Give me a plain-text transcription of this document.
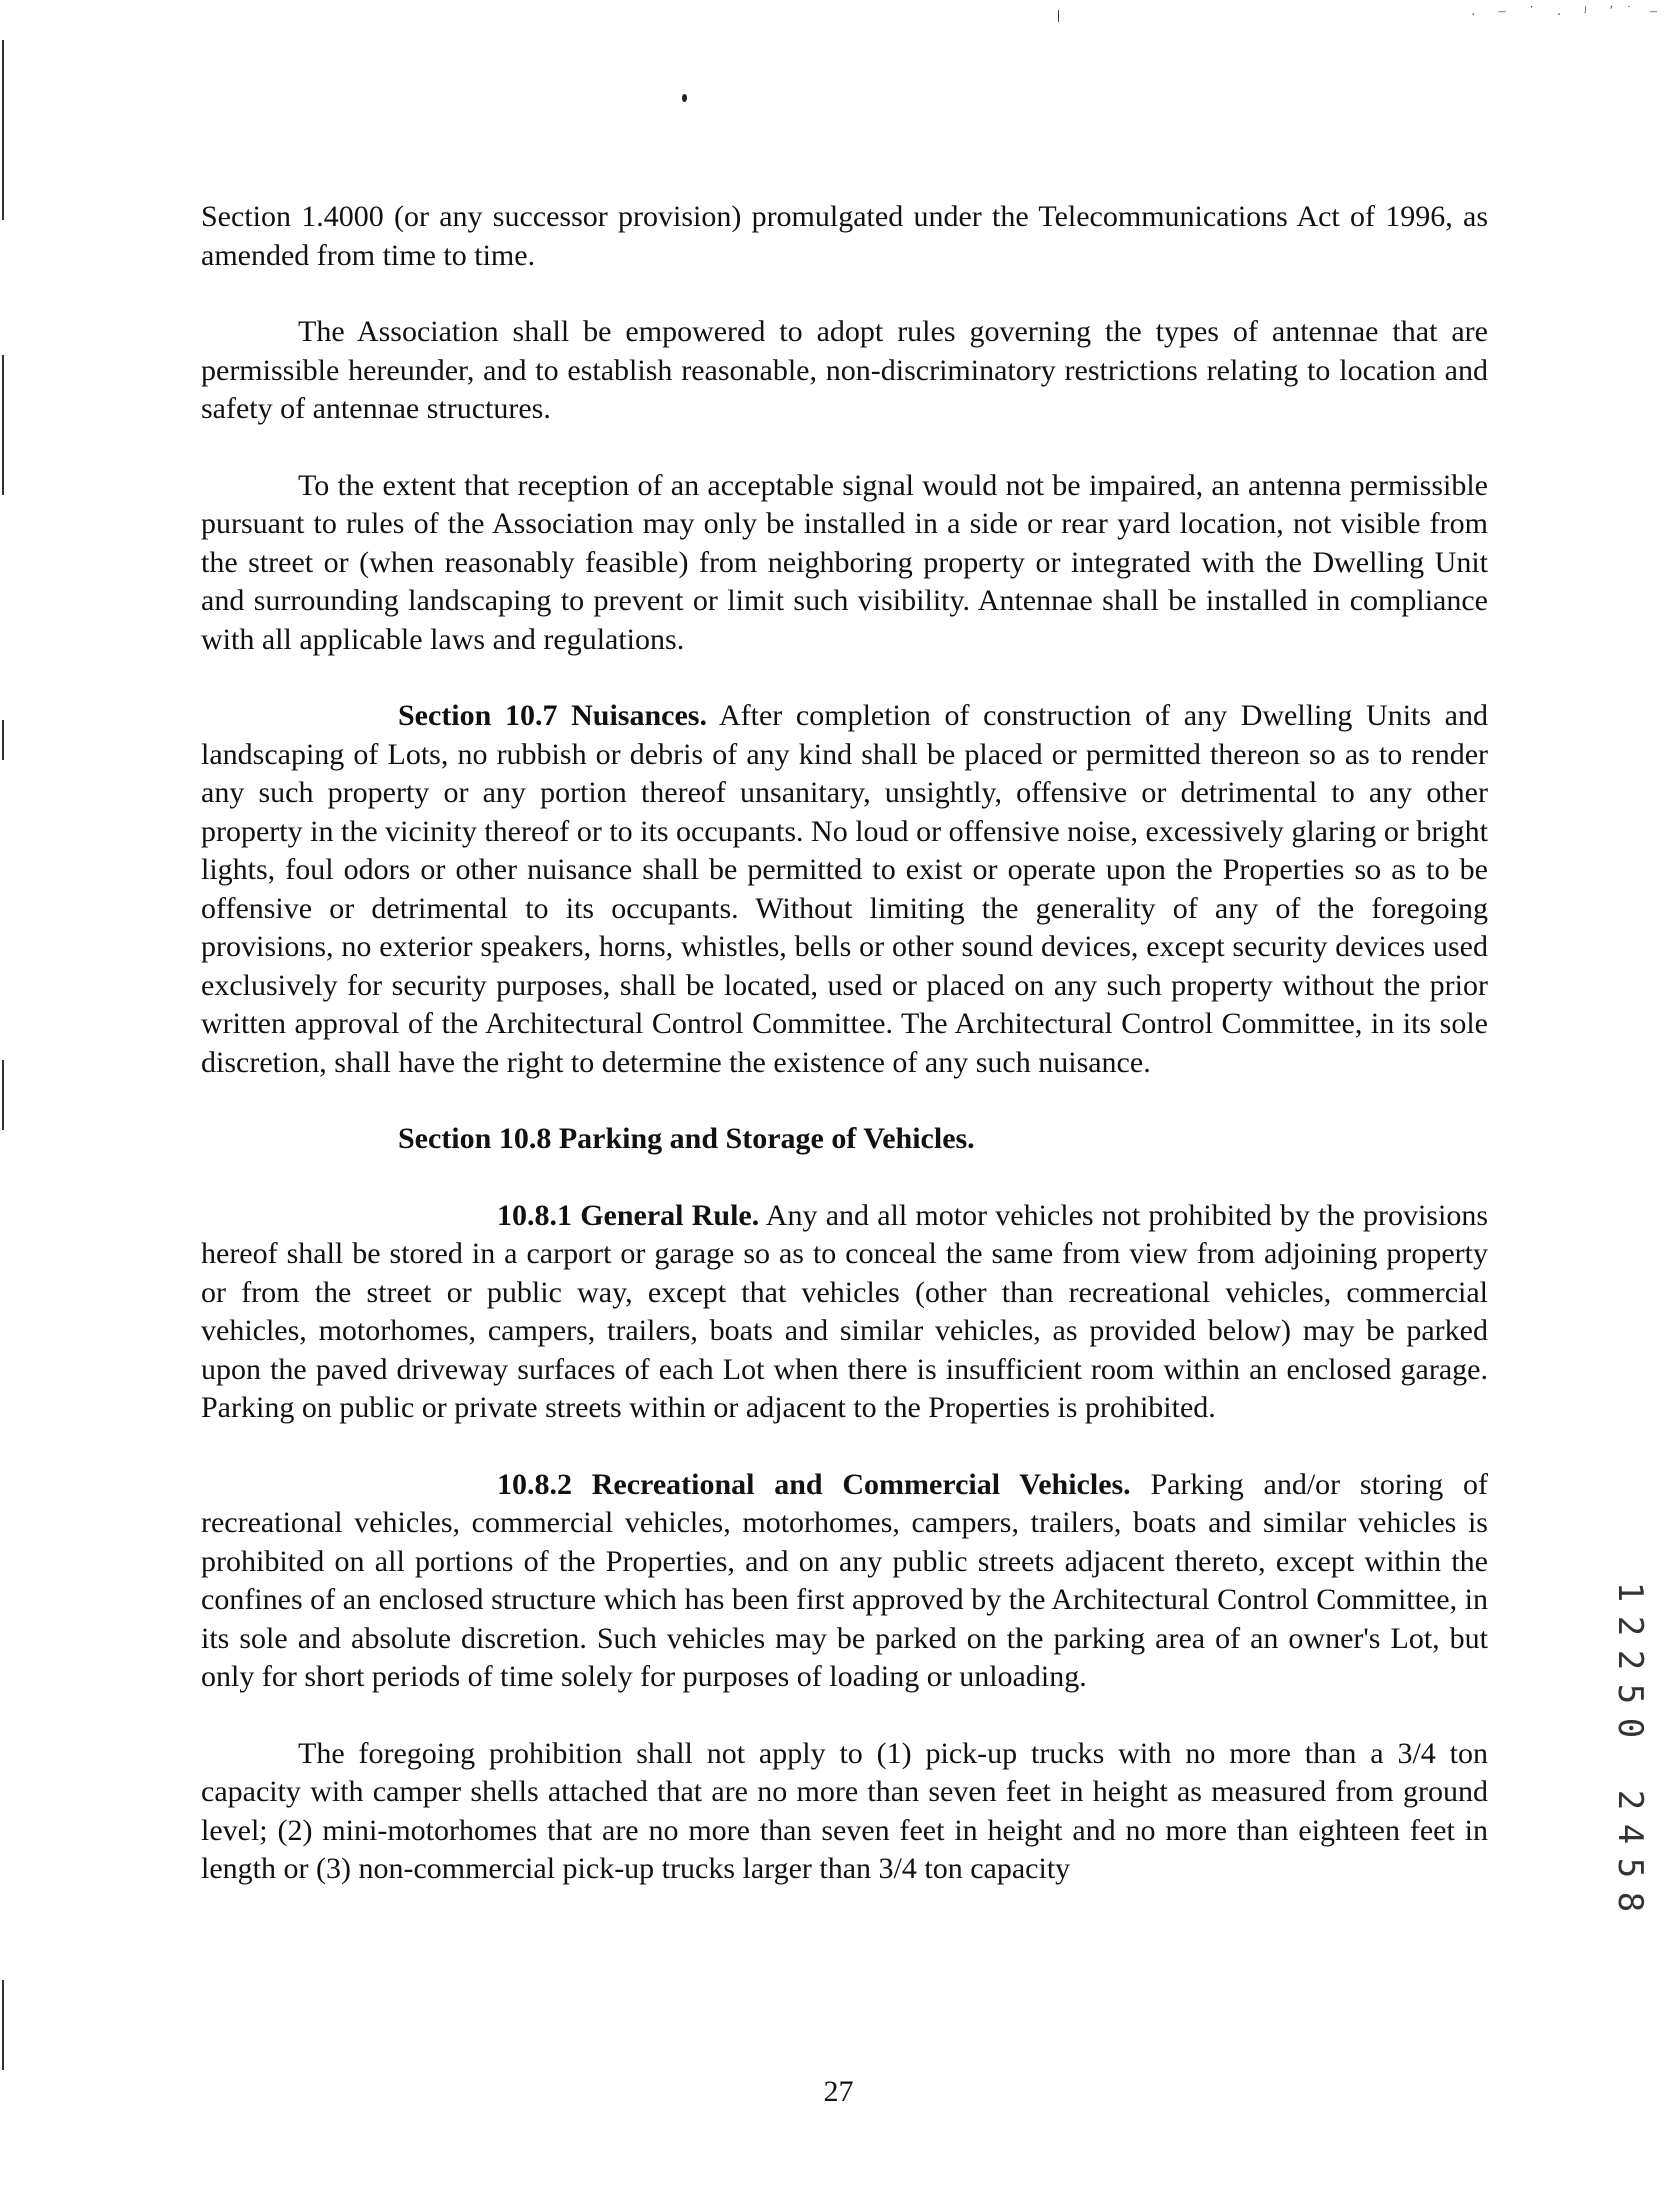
. ‒ ˙ . ʲ ʹ ͘ ‒

Section 1.4000 (or any successor provision) promulgated under the Telecommunications Act of 1996, as amended from time to time.

The Association shall be empowered to adopt rules governing the types of antennae that are permissible hereunder, and to establish reasonable, non-discriminatory restrictions relating to location and safety of antennae structures.

To the extent that reception of an acceptable signal would not be impaired, an antenna permissible pursuant to rules of the Association may only be installed in a side or rear yard location, not visible from the street or (when reasonably feasible) from neighboring property or integrated with the Dwelling Unit and surrounding landscaping to prevent or limit such visibility. Antennae shall be installed in compliance with all applicable laws and regulations.

Section 10.7 Nuisances. After completion of construction of any Dwelling Units and landscaping of Lots, no rubbish or debris of any kind shall be placed or permitted thereon so as to render any such property or any portion thereof unsanitary, unsightly, offensive or detrimental to any other property in the vicinity thereof or to its occupants. No loud or offensive noise, excessively glaring or bright lights, foul odors or other nuisance shall be permitted to exist or operate upon the Properties so as to be offensive or detrimental to its occupants. Without limiting the generality of any of the foregoing provisions, no exterior speakers, horns, whistles, bells or other sound devices, except security devices used exclusively for security purposes, shall be located, used or placed on any such property without the prior written approval of the Architectural Control Committee. The Architectural Control Committee, in its sole discretion, shall have the right to determine the existence of any such nuisance.

Section 10.8 Parking and Storage of Vehicles.

10.8.1 General Rule. Any and all motor vehicles not prohibited by the provisions hereof shall be stored in a carport or garage so as to conceal the same from view from adjoining property or from the street or public way, except that vehicles (other than recreational vehicles, commercial vehicles, motorhomes, campers, trailers, boats and similar vehicles, as provided below) may be parked upon the paved driveway surfaces of each Lot when there is insufficient room within an enclosed garage. Parking on public or private streets within or adjacent to the Properties is prohibited.

10.8.2 Recreational and Commercial Vehicles. Parking and/or storing of recreational vehicles, commercial vehicles, motorhomes, campers, trailers, boats and similar vehicles is prohibited on all portions of the Properties, and on any public streets adjacent thereto, except within the confines of an enclosed structure which has been first approved by the Architectural Control Committee, in its sole and absolute discretion. Such vehicles may be parked on the parking area of an owner's Lot, but only for short periods of time solely for purposes of loading or unloading.

The foregoing prohibition shall not apply to (1) pick-up trucks with no more than a 3/4 ton capacity with camper shells attached that are no more than seven feet in height as measured from ground level; (2) mini-motorhomes that are no more than seven feet in height and no more than eighteen feet in length or (3) non-commercial pick-up trucks larger than 3/4 ton capacity

1
2
2
5
0
2
4
5
8
27
